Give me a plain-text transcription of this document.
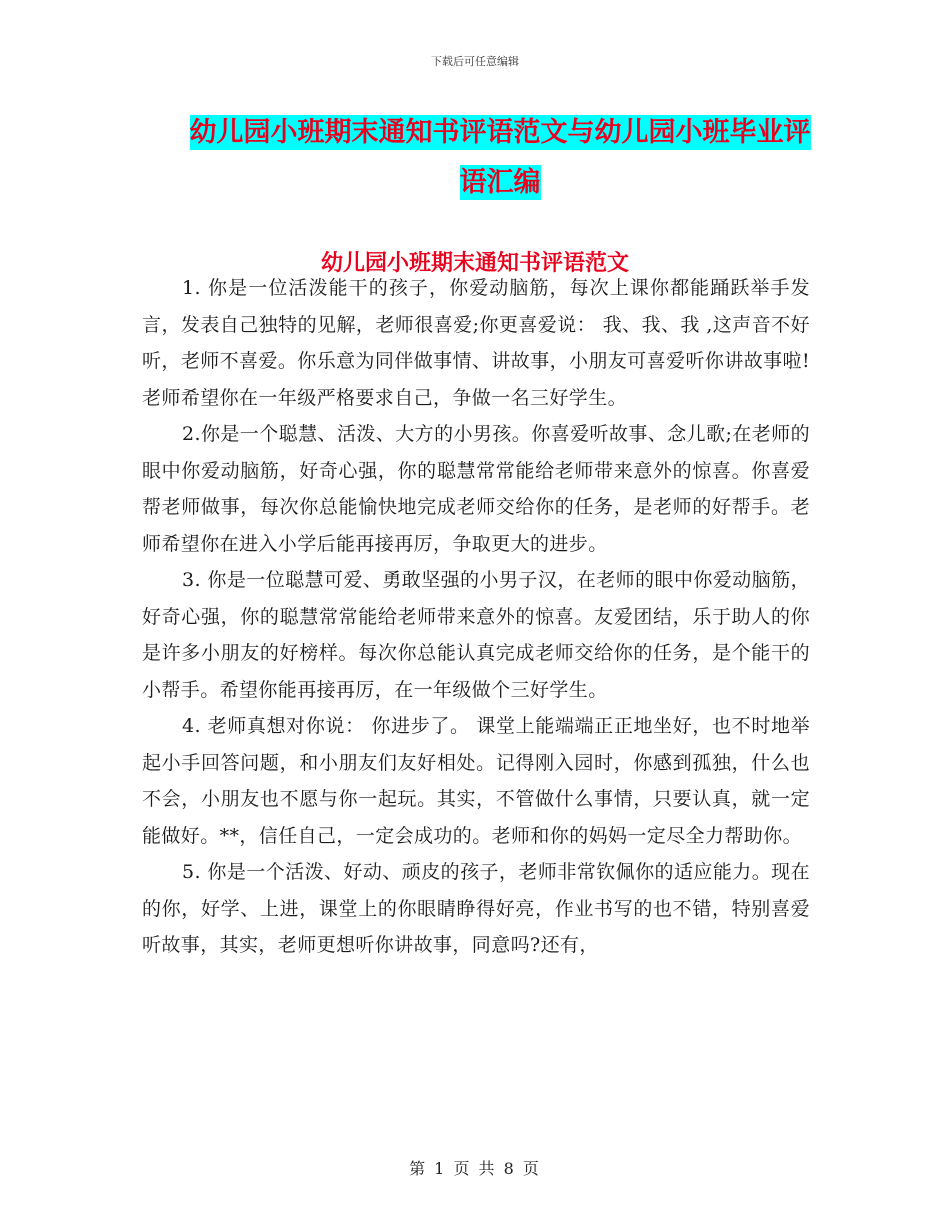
下载后可任意编辑
幼儿园小班期末通知书评语范文与幼儿园小班毕业评
语汇编
幼儿园小班期末通知书评语范文

1. 你是一位活泼能干的孩子，你爱动脑筋，每次上课你都能踊跃举手发言，发表自己独特的见解，老师很喜爱;你更喜爱说： 我、我、我 ,这声音不好听，老师不喜爱。你乐意为同伴做事情、讲故事，小朋友可喜爱听你讲故事啦!老师希望你在一年级严格要求自己，争做一名三好学生。

2.你是一个聪慧、活泼、大方的小男孩。你喜爱听故事、念儿歌;在老师的眼中你爱动脑筋，好奇心强，你的聪慧常常能给老师带来意外的惊喜。你喜爱帮老师做事，每次你总能愉快地完成老师交给你的任务，是老师的好帮手。老师希望你在进入小学后能再接再厉，争取更大的进步。

3. 你是一位聪慧可爱、勇敢坚强的小男子汉，在老师的眼中你爱动脑筋，好奇心强，你的聪慧常常能给老师带来意外的惊喜。友爱团结，乐于助人的你是许多小朋友的好榜样。每次你总能认真完成老师交给你的任务，是个能干的小帮手。希望你能再接再厉，在一年级做个三好学生。

4. 老师真想对你说： 你进步了。 课堂上能端端正正地坐好，也不时地举起小手回答问题，和小朋友们友好相处。记得刚入园时，你感到孤独，什么也不会，小朋友也不愿与你一起玩。其实，不管做什么事情，只要认真，就一定能做好。**，信任自己，一定会成功的。老师和你的妈妈一定尽全力帮助你。

5. 你是一个活泼、好动、顽皮的孩子，老师非常钦佩你的适应能力。现在的你，好学、上进，课堂上的你眼睛睁得好亮，作业书写的也不错，特别喜爱听故事，其实，老师更想听你讲故事，同意吗?还有，

第 1 页 共 8 页
